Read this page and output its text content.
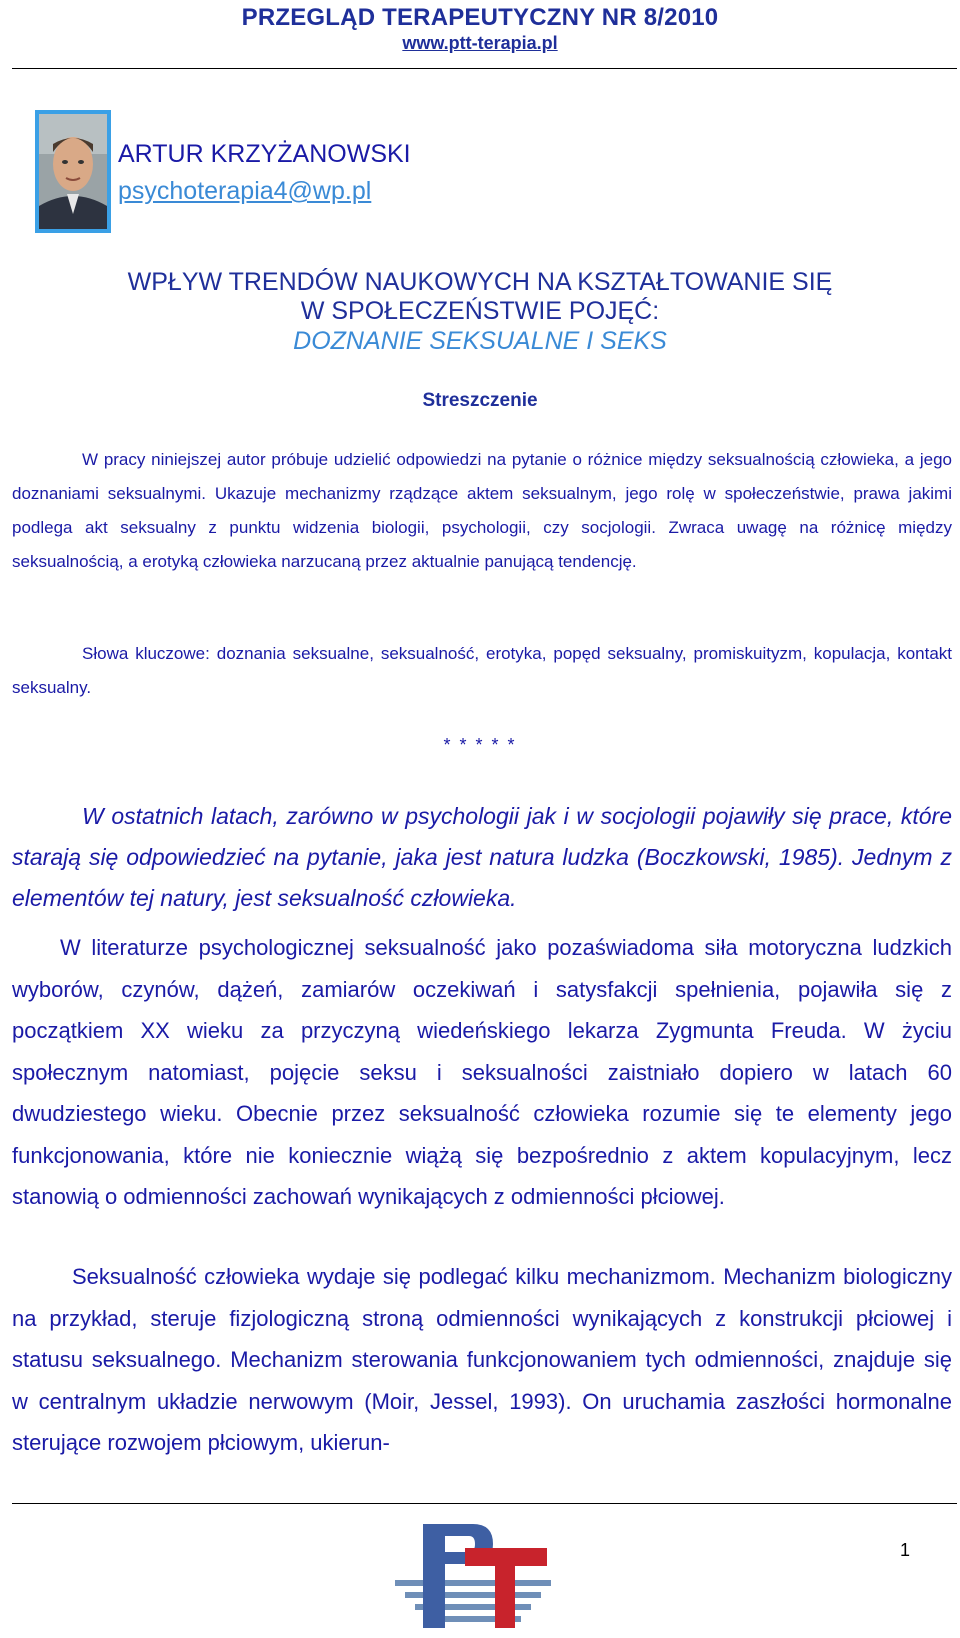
PRZEGLĄD TERAPEUTYCZNY NR 8/2010
www.ptt-terapia.pl
ARTUR KRZYŻANOWSKI
psychoterapia4@wp.pl
WPŁYW TRENDÓW NAUKOWYCH NA KSZTAŁTOWANIE SIĘ
W SPOŁECZEŃSTWIE POJĘĆ:
DOZNANIE SEKSUALNE I SEKS
Streszczenie
W pracy niniejszej autor próbuje udzielić odpowiedzi na pytanie o różnice między seksualnością człowieka, a jego doznaniami seksualnymi. Ukazuje mechanizmy rządzące aktem seksualnym, jego rolę w społeczeństwie, prawa jakimi podlega akt seksualny z punktu widzenia biologii, psychologii, czy socjologii. Zwraca uwagę na różnicę między seksualnością, a erotyką człowieka narzucaną przez aktualnie panującą tendencję.
Słowa kluczowe: doznania seksualne, seksualność, erotyka, popęd seksualny, promiskuityzm, kopulacja, kontakt seksualny.
* * * * *
W ostatnich latach, zarówno w psychologii jak i w socjologii pojawiły się prace, które starają się odpowiedzieć na pytanie, jaka jest natura ludzka (Boczkowski, 1985). Jednym z elementów tej natury, jest seksualność człowieka.
W literaturze psychologicznej seksualność jako pozaświadoma siła motoryczna ludzkich wyborów, czynów, dążeń, zamiarów oczekiwań i satysfakcji spełnienia, pojawiła się z początkiem XX wieku za przyczyną wiedeńskiego lekarza Zygmunta Freuda. W życiu społecznym natomiast, pojęcie seksu i seksualności zaistniało dopiero w latach 60 dwudziestego wieku. Obecnie przez seksualność człowieka rozumie się te elementy jego funkcjonowania, które nie koniecznie wiążą się bezpośrednio z aktem kopulacyjnym, lecz stanowią o odmienności zachowań wynikających z odmienności płciowej.
Seksualność człowieka wydaje się podlegać kilku mechanizmom. Mechanizm biologiczny na przykład, steruje fizjologiczną stroną odmienności wynikających z konstrukcji płciowej i statusu seksualnego. Mechanizm sterowania funkcjonowaniem tych odmienności, znajduje się w centralnym układzie nerwowym (Moir, Jessel, 1993). On uruchamia zaszłości hormonalne sterujące rozwojem płciowym, ukierun-
1
